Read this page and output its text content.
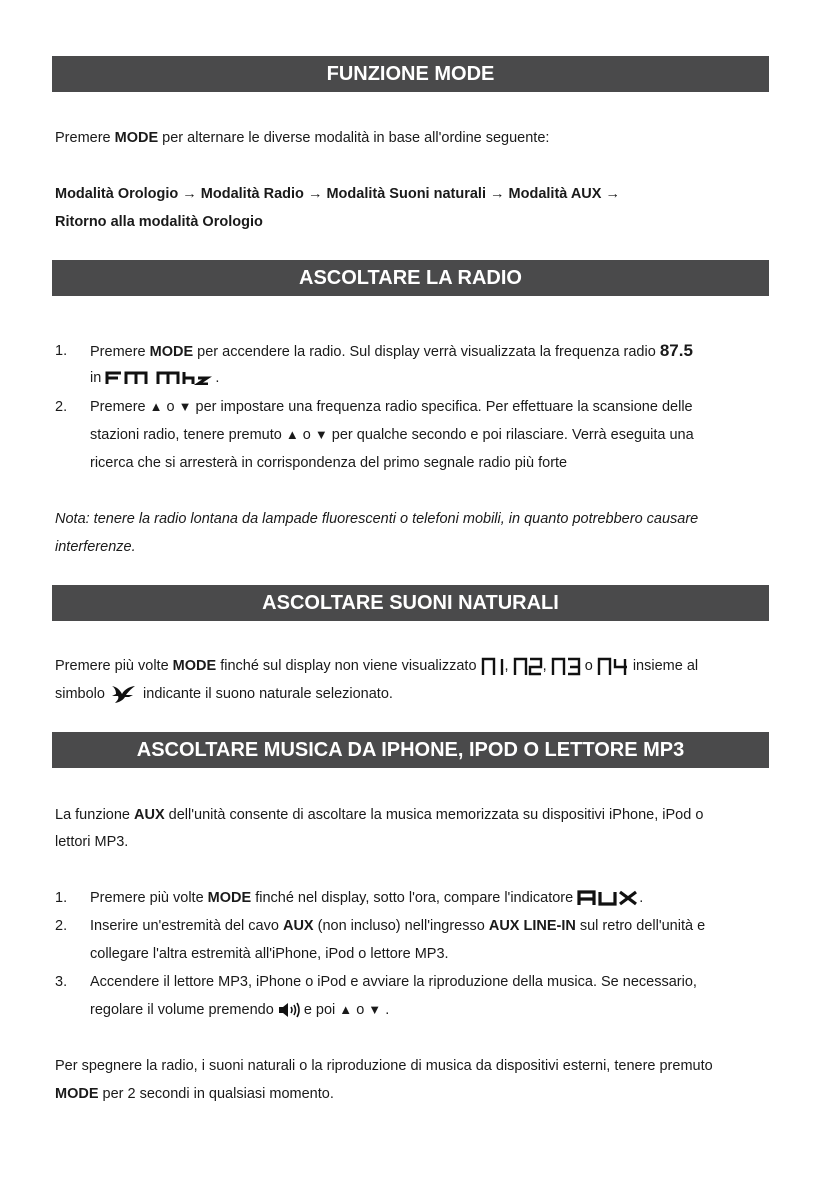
FUNZIONE MODE
Premere MODE per alternare le diverse modalità in base all'ordine seguente:
Modalità Orologio → Modalità Radio → Modalità Suoni naturali → Modalità AUX →
Ritorno alla modalità Orologio
ASCOLTARE LA RADIO
1.	Premere MODE per accendere la radio. Sul display verrà visualizzata la frequenza radio 87.5
in	.
2.	Premere ▲ o ▼ per impostare una frequenza radio specifica. Per effettuare la scansione delle
stazioni radio, tenere premuto ▲ o ▼ per qualche secondo e poi rilasciare. Verrà eseguita una
ricerca che si arresterà in corrispondenza del primo segnale radio più forte
Nota: tenere la radio lontana da lampade fluorescenti o telefoni mobili, in quanto potrebbero causare
interferenze.
ASCOLTARE SUONI NATURALI
Premere più volte MODE finché sul display non viene visualizzato , ,  o  insieme al
simbolo  indicante il suono naturale selezionato.
ASCOLTARE MUSICA DA IPHONE, IPOD O LETTORE MP3
La funzione AUX dell'unità consente di ascoltare la musica memorizzata su dispositivi iPhone, iPod o
lettori MP3.
1.	Premere più volte MODE finché nel display, sotto l'ora, compare l'indicatore	.
2.	Inserire un'estremità del cavo AUX (non incluso) nell'ingresso AUX LINE-IN sul retro dell'unità e
collegare l'altra estremità all'iPhone, iPod o lettore MP3.
3.	Accendere il lettore MP3, iPhone o iPod e avviare la riproduzione della musica. Se necessario,
regolare il volume premendo  e poi ▲ o ▼ .
Per spegnere la radio, i suoni naturali o la riproduzione di musica da dispositivi esterni, tenere premuto
MODE per 2 secondi in qualsiasi momento.
